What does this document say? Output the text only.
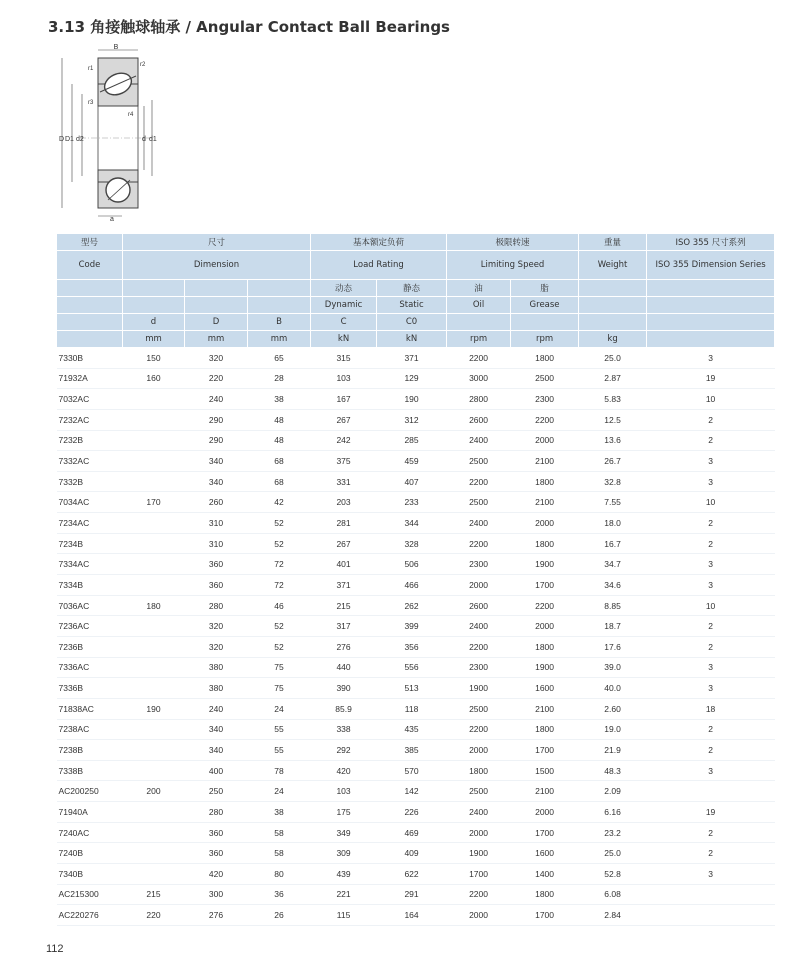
3.13 角接触球轴承 / Angular Contact Ball Bearings
B
D D1 d2	d d1
a
r1
r2
r3
r4
型号	尺寸			基本额定负荷		极限转速		重量	ISO 355 尺寸系列
Code	Dimension			Load Rating		Limiting Speed		Weight	ISO 355 Dimension Series
				动态	静态	油	脂		
				Dynamic	Static	Oil	Grease		
	d	D	B	C	C0				
	mm	mm	mm	kN	kN	rpm	rpm	kg	
7330B	150	320	65	315	371	2200	1800	25.0	3
71932A	160	220	28	103	129	3000	2500	2.87	19
7032AC		240	38	167	190	2800	2300	5.83	10
7232AC		290	48	267	312	2600	2200	12.5	2
7232B		290	48	242	285	2400	2000	13.6	2
7332AC		340	68	375	459	2500	2100	26.7	3
7332B		340	68	331	407	2200	1800	32.8	3
7034AC	170	260	42	203	233	2500	2100	7.55	10
7234AC		310	52	281	344	2400	2000	18.0	2
7234B		310	52	267	328	2200	1800	16.7	2
7334AC		360	72	401	506	2300	1900	34.7	3
7334B		360	72	371	466	2000	1700	34.6	3
7036AC	180	280	46	215	262	2600	2200	8.85	10
7236AC		320	52	317	399	2400	2000	18.7	2
7236B		320	52	276	356	2200	1800	17.6	2
7336AC		380	75	440	556	2300	1900	39.0	3
7336B		380	75	390	513	1900	1600	40.0	3
71838AC	190	240	24	85.9	118	2500	2100	2.60	18
7238AC		340	55	338	435	2200	1800	19.0	2
7238B		340	55	292	385	2000	1700	21.9	2
7338B		400	78	420	570	1800	1500	48.3	3
AC200250	200	250	24	103	142	2500	2100	2.09	
71940A		280	38	175	226	2400	2000	6.16	19
7240AC		360	58	349	469	2000	1700	23.2	2
7240B		360	58	309	409	1900	1600	25.0	2
7340B		420	80	439	622	1700	1400	52.8	3
AC215300	215	300	36	221	291	2200	1800	6.08	
AC220276	220	276	26	115	164	2000	1700	2.84	
112
